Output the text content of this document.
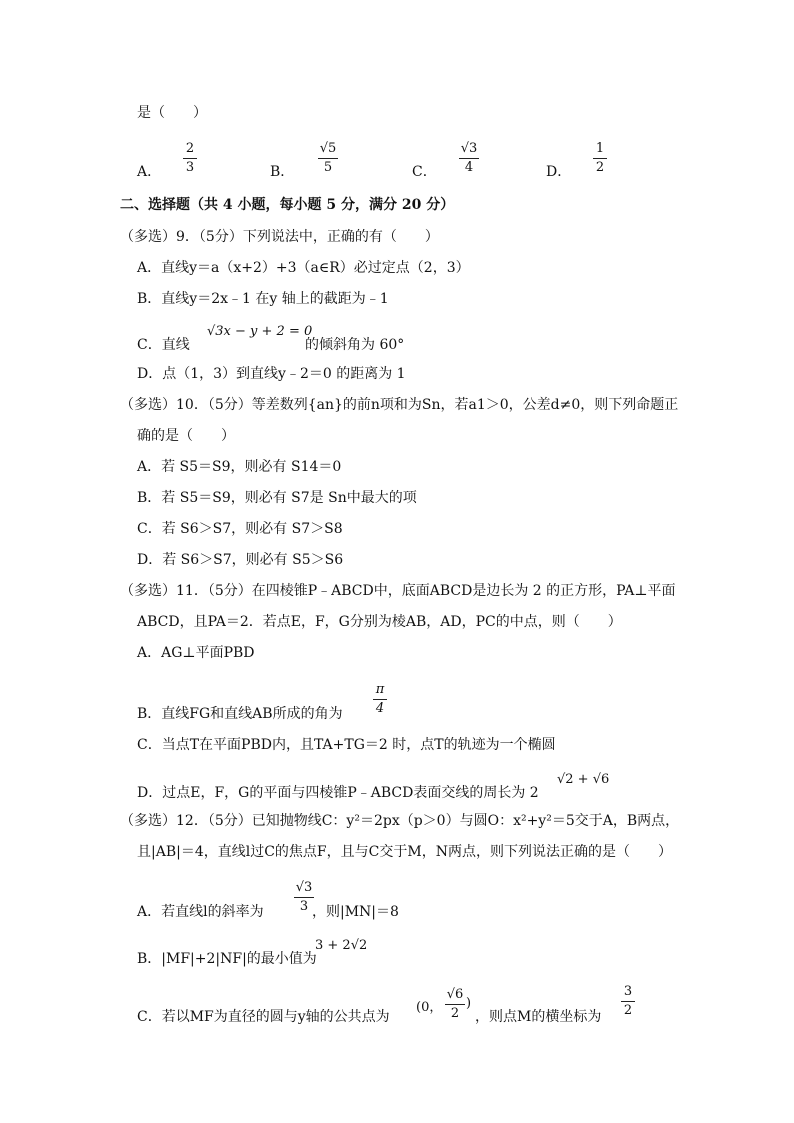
是（　　）
A．
2
3	B．
√5
5	C．
√3
4	D．
1
2
二、选择题（共 4 小题，每小题 5 分，满分 20 分）
（多选）9．（5分）下列说法中，正确的有（　　）
A．直线y＝a（x+2）+3（a∈R）必过定点（2，3）
B．直线y＝2x﹣1 在y 轴上的截距为﹣1
C．直线
√3x − y + 2 = 0
的倾斜角为 60°
D．点（1，3）到直线y﹣2＝0 的距离为 1
（多选）10．（5分）等差数列{an}的前n项和为Sn，若a1＞0，公差d≠0，则下列命题正
确的是（　　）
A．若 S5＝S9，则必有 S14＝0
B．若 S5＝S9，则必有 S7是 Sn中最大的项
C．若 S6＞S7，则必有 S7＞S8
D．若 S6＞S7，则必有 S5＞S6
（多选）11．（5分）在四棱锥P﹣ABCD中，底面ABCD是边长为 2 的正方形，PA⊥平面
ABCD，且PA＝2．若点E，F，G分别为棱AB，AD，PC的中点，则（　　）
A．AG⊥平面PBD
B．直线FG和直线AB所成的角为
π
4
C．当点T在平面PBD内，且TA+TG＝2 时，点T的轨迹为一个椭圆
D．过点E，F，G的平面与四棱锥P﹣ABCD表面交线的周长为 2
√2 + √6
（多选）12．（5分）已知抛物线C：y²＝2px（p＞0）与圆O：x²+y²＝5交于A，B两点，
且|AB|＝4，直线l过C的焦点F，且与C交于M，N两点，则下列说法正确的是（　　）
A．若直线l的斜率为
√3
3 ，则|MN|＝8
B．|MF|+2|NF|的最小值为
3 + 2√2
C．若以MF为直径的圆与y轴的公共点为
(0，
√6
2
)
，则点M的横坐标为
3
2
